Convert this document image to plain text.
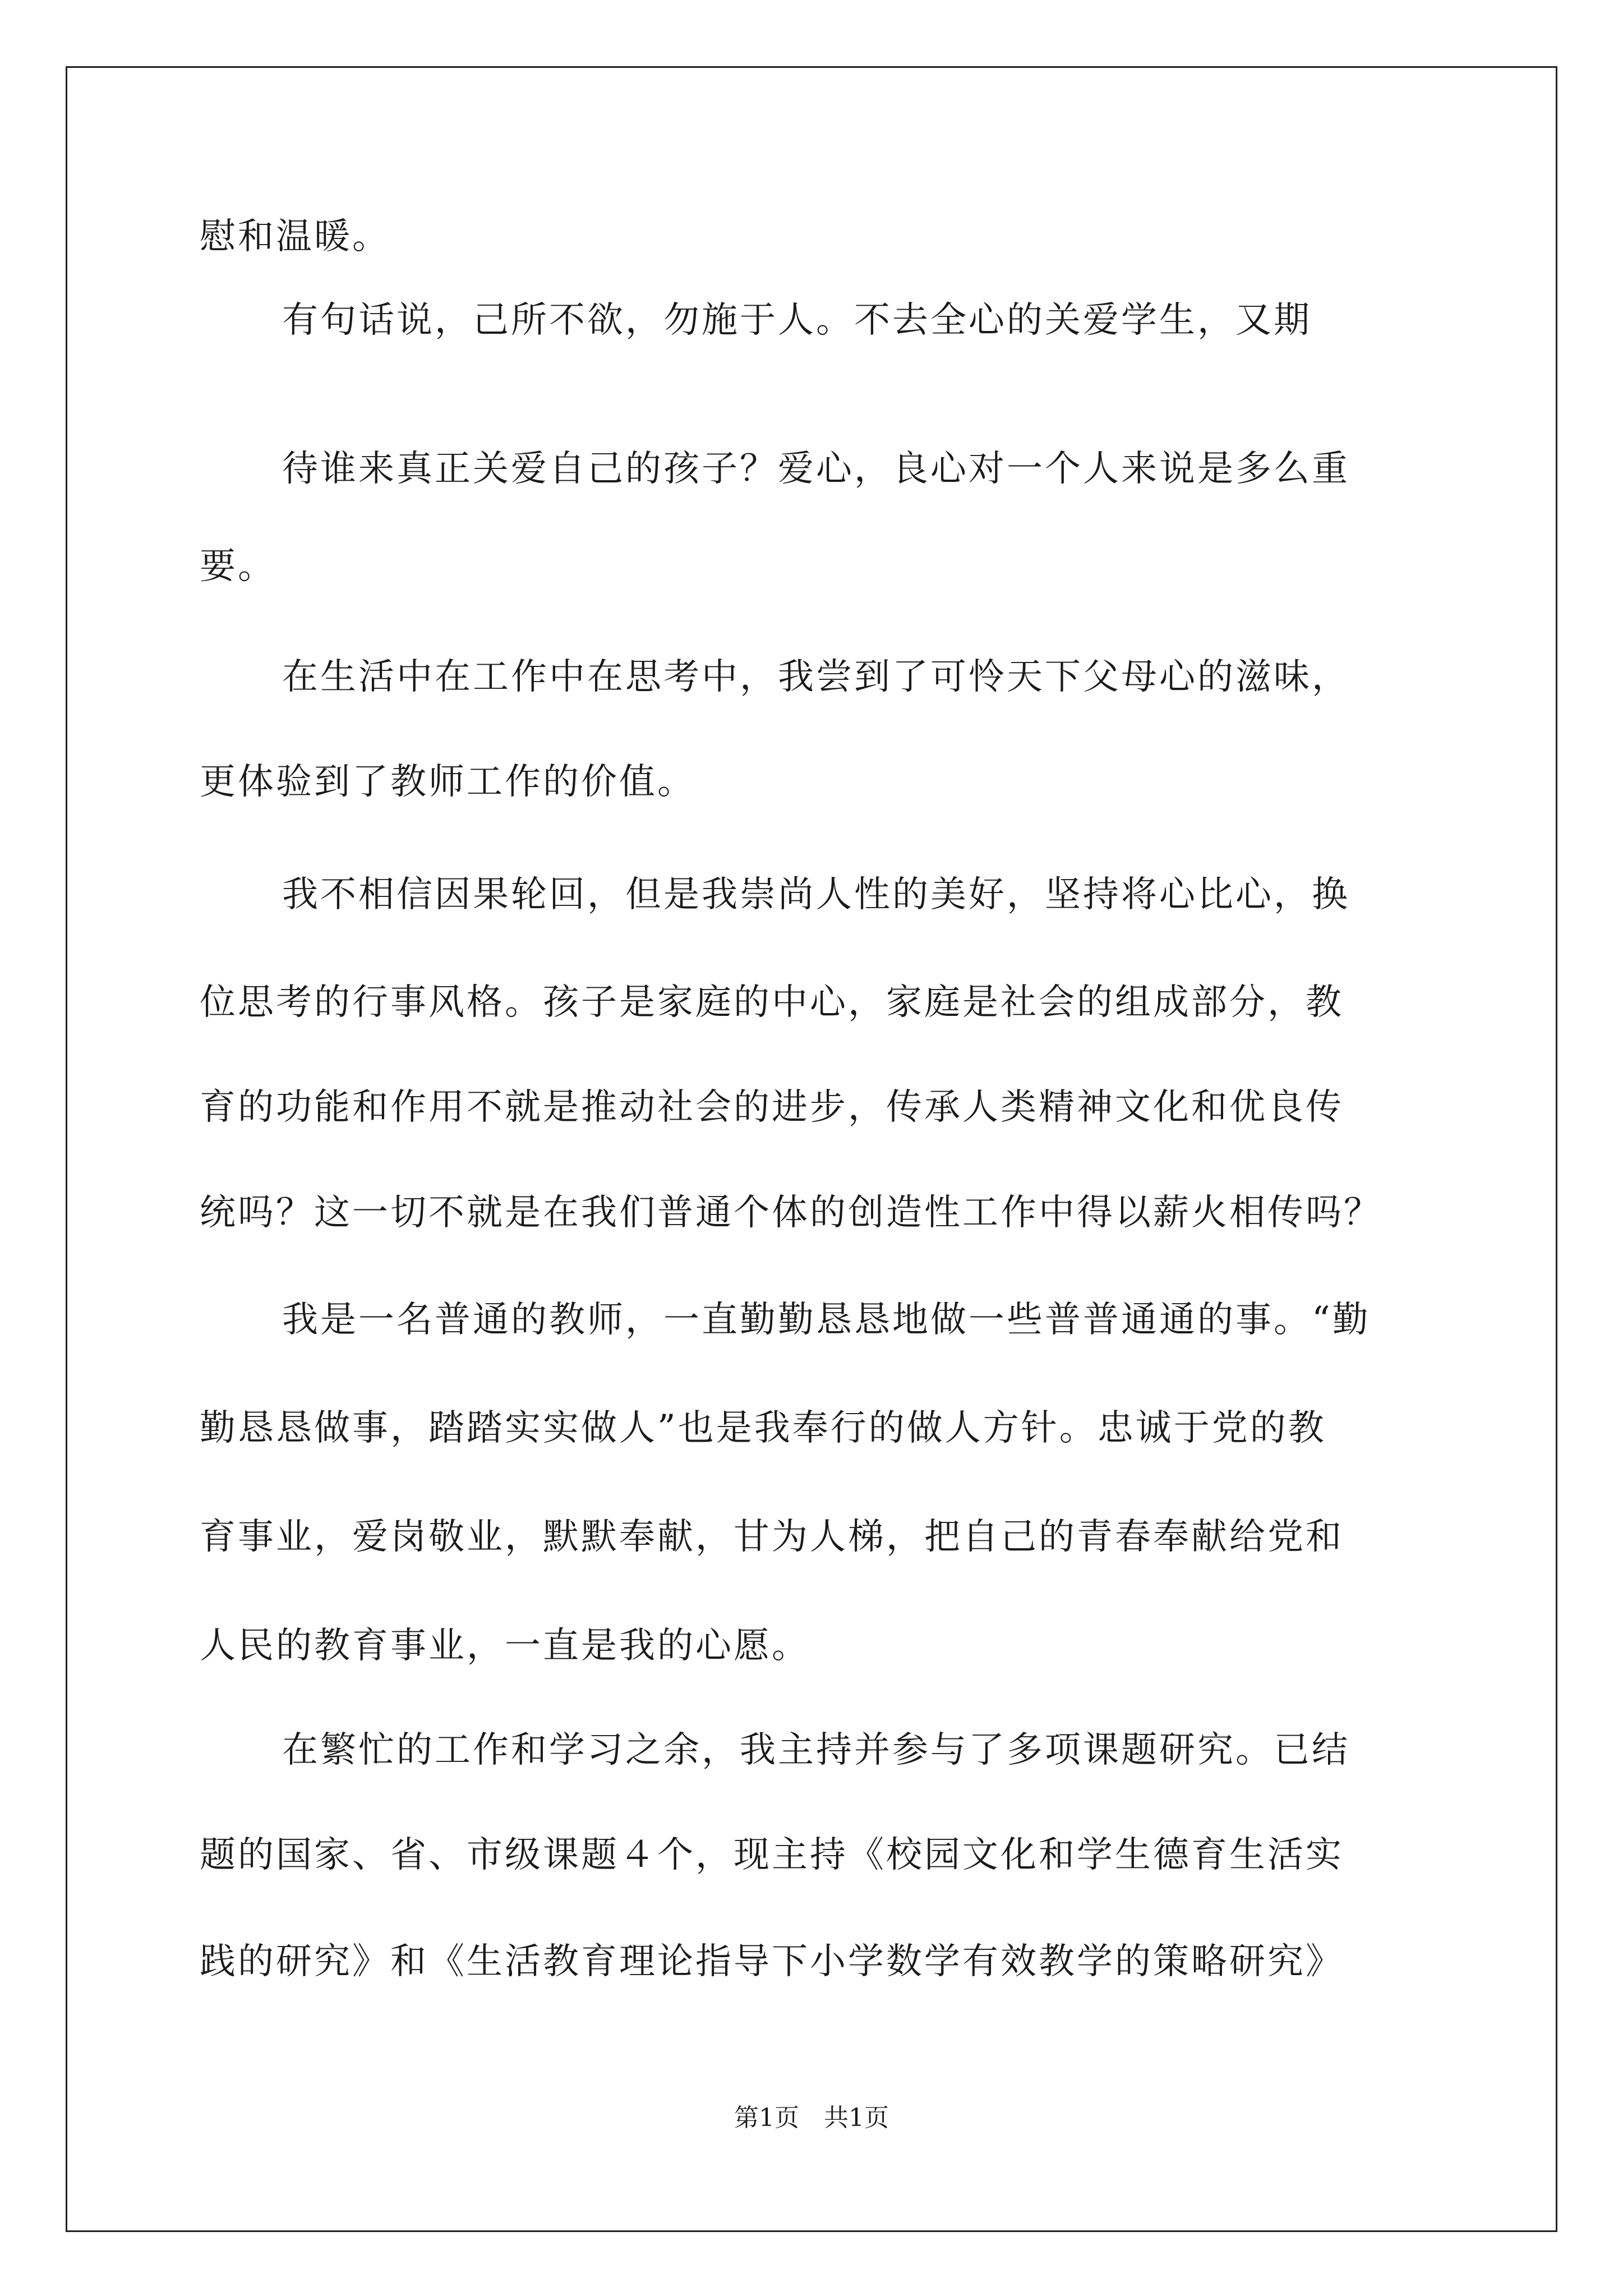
慰和温暖。
有句话说，己所不欲，勿施于人。不去全心的关爱学生，又期
待谁来真正关爱自己的孩子？爱心，良心对一个人来说是多么重
要。
在生活中在工作中在思考中，我尝到了可怜天下父母心的滋味，
更体验到了教师工作的价值。
我不相信因果轮回，但是我崇尚人性的美好，坚持将心比心，换
位思考的行事风格。孩子是家庭的中心，家庭是社会的组成部分，教
育的功能和作用不就是推动社会的进步，传承人类精神文化和优良传
统吗？这一切不就是在我们普通个体的创造性工作中得以薪火相传吗？
我是一名普通的教师，一直勤勤恳恳地做一些普普通通的事。“勤
勤恳恳做事，踏踏实实做人”也是我奉行的做人方针。忠诚于党的教
育事业，爱岗敬业，默默奉献，甘为人梯，把自己的青春奉献给党和
人民的教育事业，一直是我的心愿。
在繁忙的工作和学习之余，我主持并参与了多项课题研究。已结
题的国家、省、市级课题４个，现主持《校园文化和学生德育生活实
践的研究》和《生活教育理论指导下小学数学有效教学的策略研究》
第1页　共1页
